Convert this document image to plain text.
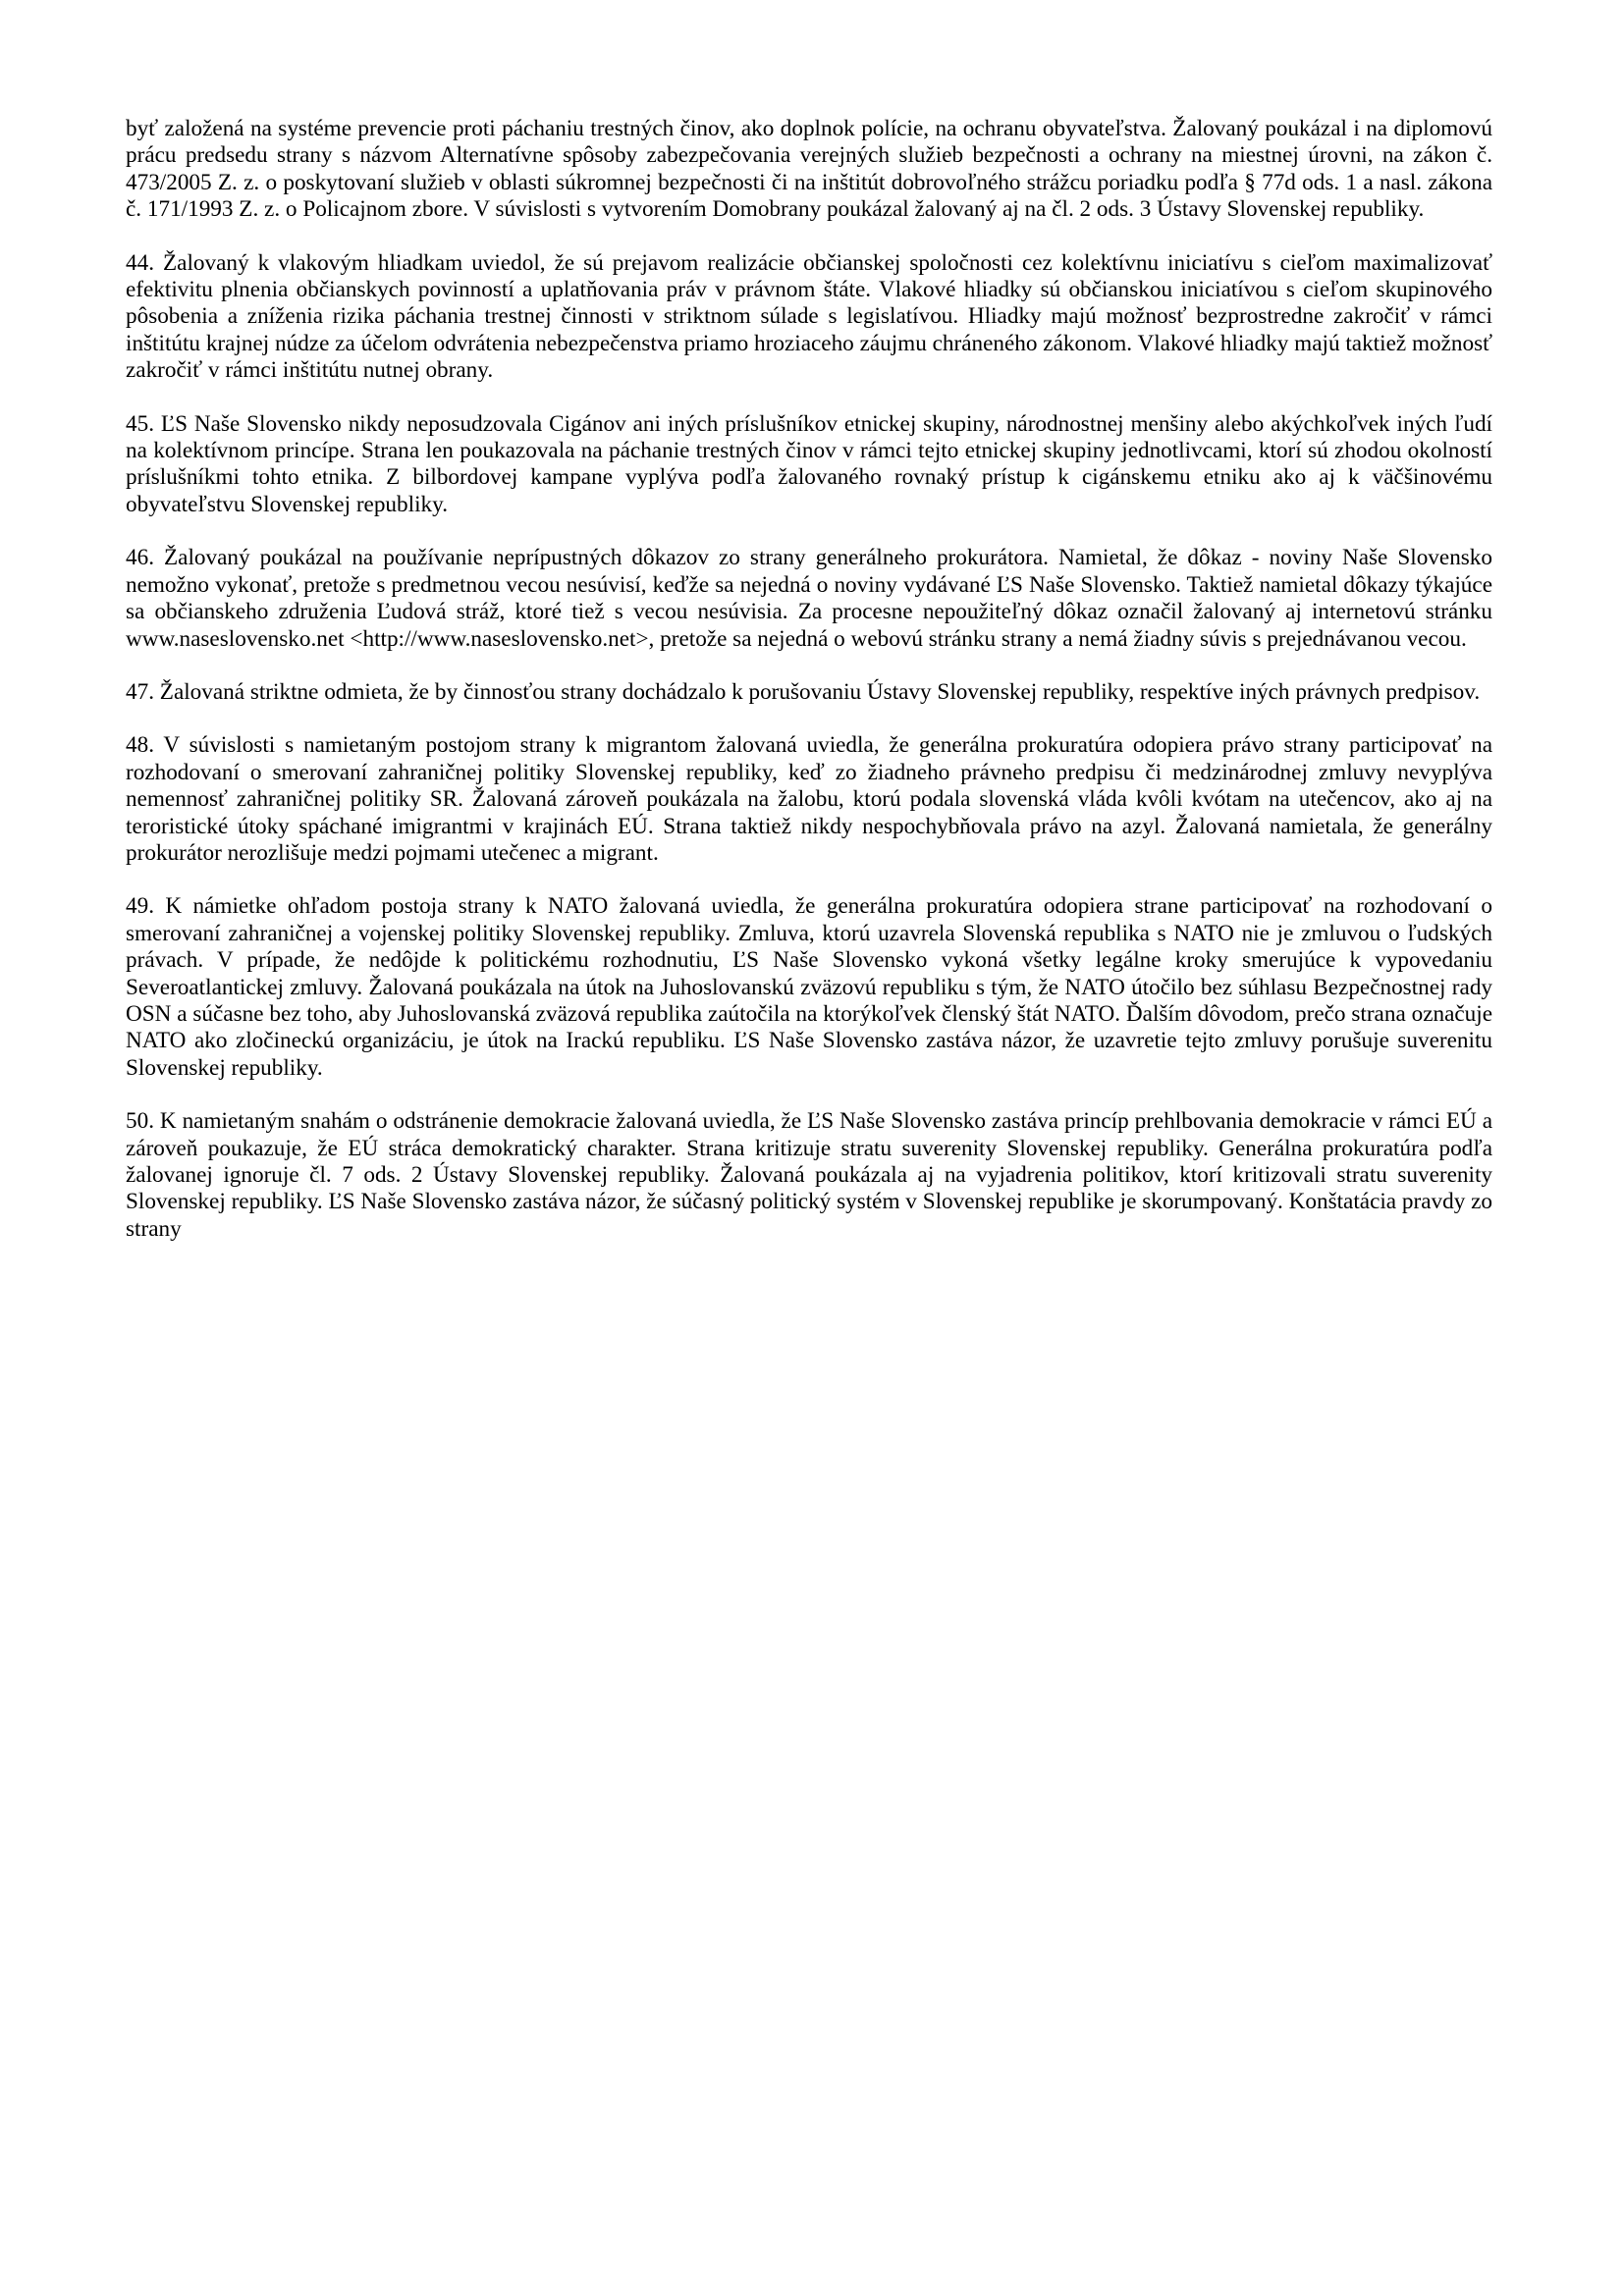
byť založená na systéme prevencie proti páchaniu trestných činov, ako doplnok polície, na ochranu obyvateľstva. Žalovaný poukázal i na diplomovú prácu predsedu strany s názvom Alternatívne spôsoby zabezpečovania verejných služieb bezpečnosti a ochrany na miestnej úrovni, na zákon č. 473/2005 Z. z. o poskytovaní služieb v oblasti súkromnej bezpečnosti či na inštitút dobrovoľného strážcu poriadku podľa § 77d ods. 1 a nasl. zákona č. 171/1993 Z. z. o Policajnom zbore. V súvislosti s vytvorením Domobrany poukázal žalovaný aj na čl. 2 ods. 3 Ústavy Slovenskej republiky.

44. Žalovaný k vlakovým hliadkam uviedol, že sú prejavom realizácie občianskej spoločnosti cez kolektívnu iniciatívu s cieľom maximalizovať efektivitu plnenia občianskych povinností a uplatňovania práv v právnom štáte. Vlakové hliadky sú občianskou iniciatívou s cieľom skupinového pôsobenia a zníženia rizika páchania trestnej činnosti v striktnom súlade s legislatívou. Hliadky majú možnosť bezprostredne zakročiť v rámci inštitútu krajnej núdze za účelom odvrátenia nebezpečenstva priamo hroziaceho záujmu chráneného zákonom. Vlakové hliadky majú taktiež možnosť zakročiť v rámci inštitútu nutnej obrany.

45. ĽS Naše Slovensko nikdy neposudzovala Cigánov ani iných príslušníkov etnickej skupiny, národnostnej menšiny alebo akýchkoľvek iných ľudí na kolektívnom princípe. Strana len poukazovala na páchanie trestných činov v rámci tejto etnickej skupiny jednotlivcami, ktorí sú zhodou okolností príslušníkmi tohto etnika. Z bilbordovej kampane vyplýva podľa žalovaného rovnaký prístup k cigánskemu etniku ako aj k väčšinovému obyvateľstvu Slovenskej republiky.

46. Žalovaný poukázal na používanie neprípustných dôkazov zo strany generálneho prokurátora. Namietal, že dôkaz - noviny Naše Slovensko nemožno vykonať, pretože s predmetnou vecou nesúvisí, keďže sa nejedná o noviny vydávané ĽS Naše Slovensko. Taktiež namietal dôkazy týkajúce sa občianskeho združenia Ľudová stráž, ktoré tiež s vecou nesúvisia. Za procesne nepoužiteľný dôkaz označil žalovaný aj internetovú stránku www.naseslovensko.net <http://www.naseslovensko.net>, pretože sa nejedná o webovú stránku strany a nemá žiadny súvis s prejednávanou vecou.

47. Žalovaná striktne odmieta, že by činnosťou strany dochádzalo k porušovaniu Ústavy Slovenskej republiky, respektíve iných právnych predpisov.

48. V súvislosti s namietaným postojom strany k migrantom žalovaná uviedla, že generálna prokuratúra odopiera právo strany participovať na rozhodovaní o smerovaní zahraničnej politiky Slovenskej republiky, keď zo žiadneho právneho predpisu či medzinárodnej zmluvy nevyplýva nemennosť zahraničnej politiky SR. Žalovaná zároveň poukázala na žalobu, ktorú podala slovenská vláda kvôli kvótam na utečencov, ako aj na teroristické útoky spáchané imigrantmi v krajinách EÚ. Strana taktiež nikdy nespochybňovala právo na azyl. Žalovaná namietala, že generálny prokurátor nerozlišuje medzi pojmami utečenec a migrant.

49. K námietke ohľadom postoja strany k NATO žalovaná uviedla, že generálna prokuratúra odopiera strane participovať na rozhodovaní o smerovaní zahraničnej a vojenskej politiky Slovenskej republiky. Zmluva, ktorú uzavrela Slovenská republika s NATO nie je zmluvou o ľudských právach. V prípade, že nedôjde k politickému rozhodnutiu, ĽS Naše Slovensko vykoná všetky legálne kroky smerujúce k vypovedaniu Severoatlantickej zmluvy. Žalovaná poukázala na útok na Juhoslovanskú zväzovú republiku s tým, že NATO útočilo bez súhlasu Bezpečnostnej rady OSN a súčasne bez toho, aby Juhoslovanská zväzová republika zaútočila na ktorýkoľvek členský štát NATO. Ďalším dôvodom, prečo strana označuje NATO ako zločineckú organizáciu, je útok na Irackú republiku. ĽS Naše Slovensko zastáva názor, že uzavretie tejto zmluvy porušuje suverenitu Slovenskej republiky.

50. K namietaným snahám o odstránenie demokracie žalovaná uviedla, že ĽS Naše Slovensko zastáva princíp prehlbovania demokracie v rámci EÚ a zároveň poukazuje, že EÚ stráca demokratický charakter. Strana kritizuje stratu suverenity Slovenskej republiky. Generálna prokuratúra podľa žalovanej ignoruje čl. 7 ods. 2 Ústavy Slovenskej republiky. Žalovaná poukázala aj na vyjadrenia politikov, ktorí kritizovali stratu suverenity Slovenskej republiky. ĽS Naše Slovensko zastáva názor, že súčasný politický systém v Slovenskej republike je skorumpovaný. Konštatácia pravdy zo strany
